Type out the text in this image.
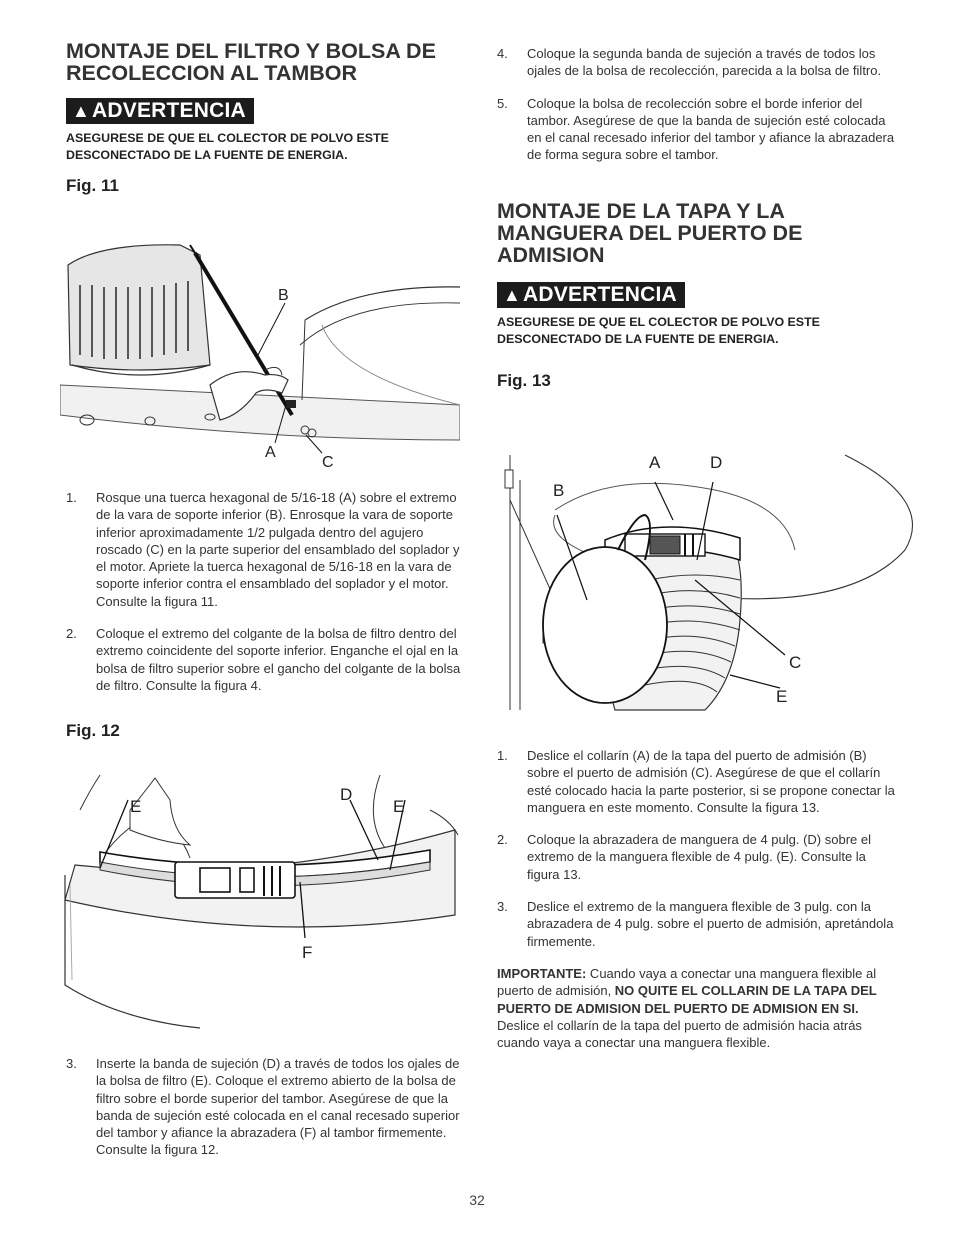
MONTAJE DEL FILTRO Y BOLSA DE RECOLECCION AL TAMBOR
▲ADVERTENCIA

ASEGURESE DE QUE EL COLECTOR DE POLVO ESTE DESCONECTADO DE LA FUENTE DE ENERGIA.

Fig. 11
B
A
C
1. Rosque una tuerca hexagonal de 5/16-18 (A) sobre el extremo de la vara de soporte inferior (B). Enrosque la vara de soporte inferior aproximadamente 1/2 pulgada dentro del agujero roscado (C) en la parte superior del ensamblado del soplador y el motor. Apriete la tuerca hexagonal de 5/16-18 en la vara de soporte inferior contra el ensamblado del soplador y el motor. Consulte la figura 11.
2. Coloque el extremo del colgante de la bolsa de filtro dentro del extremo coincidente del soporte inferior. Enganche el ojal en la bolsa de filtro superior sobre el gancho del colgante de la bolsa de filtro. Consulte la figura 4.
Fig. 12
E
D
E
F
3. Inserte la banda de sujeción (D) a través de todos los ojales de la bolsa de filtro (E). Coloque el extremo abierto de la bolsa de filtro sobre el borde superior del tambor. Asegúrese de que la banda de sujeción esté colocada en el canal recesado superior del tambor y afiance la abrazadera (F) al tambor firmemente. Consulte la figura 12.
4. Coloque la segunda banda de sujeción a través de todos los ojales de la bolsa de recolección, parecida a la bolsa de filtro.
5. Coloque la bolsa de recolección sobre el borde inferior del tambor. Asegúrese de que la banda de sujeción esté colocada en el canal recesado inferior del tambor y afiance la abrazadera de forma segura sobre el tambor.
MONTAJE DE LA TAPA Y LA MANGUERA DEL PUERTO DE ADMISION
▲ADVERTENCIA

ASEGURESE DE QUE EL COLECTOR DE POLVO ESTE DESCONECTADO DE LA FUENTE DE ENERGIA.

Fig. 13
A	D
B
C
E
1. Deslice el collarín (A) de la tapa del puerto de admisión (B) sobre el puerto de admisión (C). Asegúrese de que el collarín esté colocado hacia la parte posterior, si se propone conectar la manguera en este momento. Consulte la figura 13.
2. Coloque la abrazadera de manguera de 4 pulg. (D) sobre el extremo de la manguera flexible de 4 pulg. (E). Consulte la figura 13.
3. Deslice el extremo de la manguera flexible de 3 pulg. con la abrazadera de 4 pulg. sobre el puerto de admisión, apretándola firmemente.

IMPORTANTE: Cuando vaya a conectar una manguera flexible al puerto de admisión, NO QUITE EL COLLARIN DE LA TAPA DEL PUERTO DE ADMISION DEL PUERTO DE ADMISION EN SI. Deslice el collarín de la tapa del puerto de admisión hacia atrás cuando vaya a conectar una manguera flexible.

32
